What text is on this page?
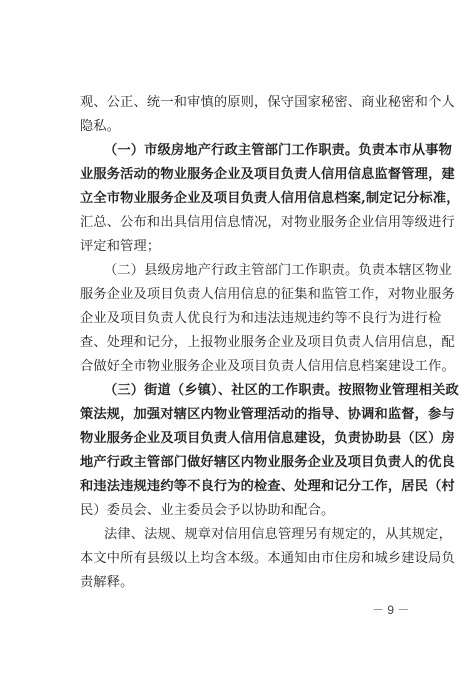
观、公正、统一和审慎的原则，保守国家秘密、商业秘密和个人
隐私。
（一）市级房地产行政主管部门工作职责。负责本市从事物
业服务活动的物业服务企业及项目负责人信用信息监督管理，建
立全市物业服务企业及项目负责人信用信息档案,制定记分标准，
汇总、公布和出具信用信息情况，对物业服务企业信用等级进行
评定和管理；
（二）县级房地产行政主管部门工作职责。负责本辖区物业
服务企业及项目负责人信用信息的征集和监管工作，对物业服务
企业及项目负责人优良行为和违法违规违约等不良行为进行检
查、处理和记分，上报物业服务企业及项目负责人信用信息，配
合做好全市物业服务企业及项目负责人信用信息档案建设工作。
（三）街道（乡镇）、社区的工作职责。按照物业管理相关政
策法规，加强对辖区内物业管理活动的指导、协调和监督，参与
物业服务企业及项目负责人信用信息建设，负责协助县（区）房
地产行政主管部门做好辖区内物业服务企业及项目负责人的优良
和违法违规违约等不良行为的检查、处理和记分工作，居民（村
民）委员会、业主委员会予以协助和配合。
法律、法规、规章对信用信息管理另有规定的，从其规定，
本文中所有县级以上均含本级。本通知由市住房和城乡建设局负
责解释。
－ 9 －
